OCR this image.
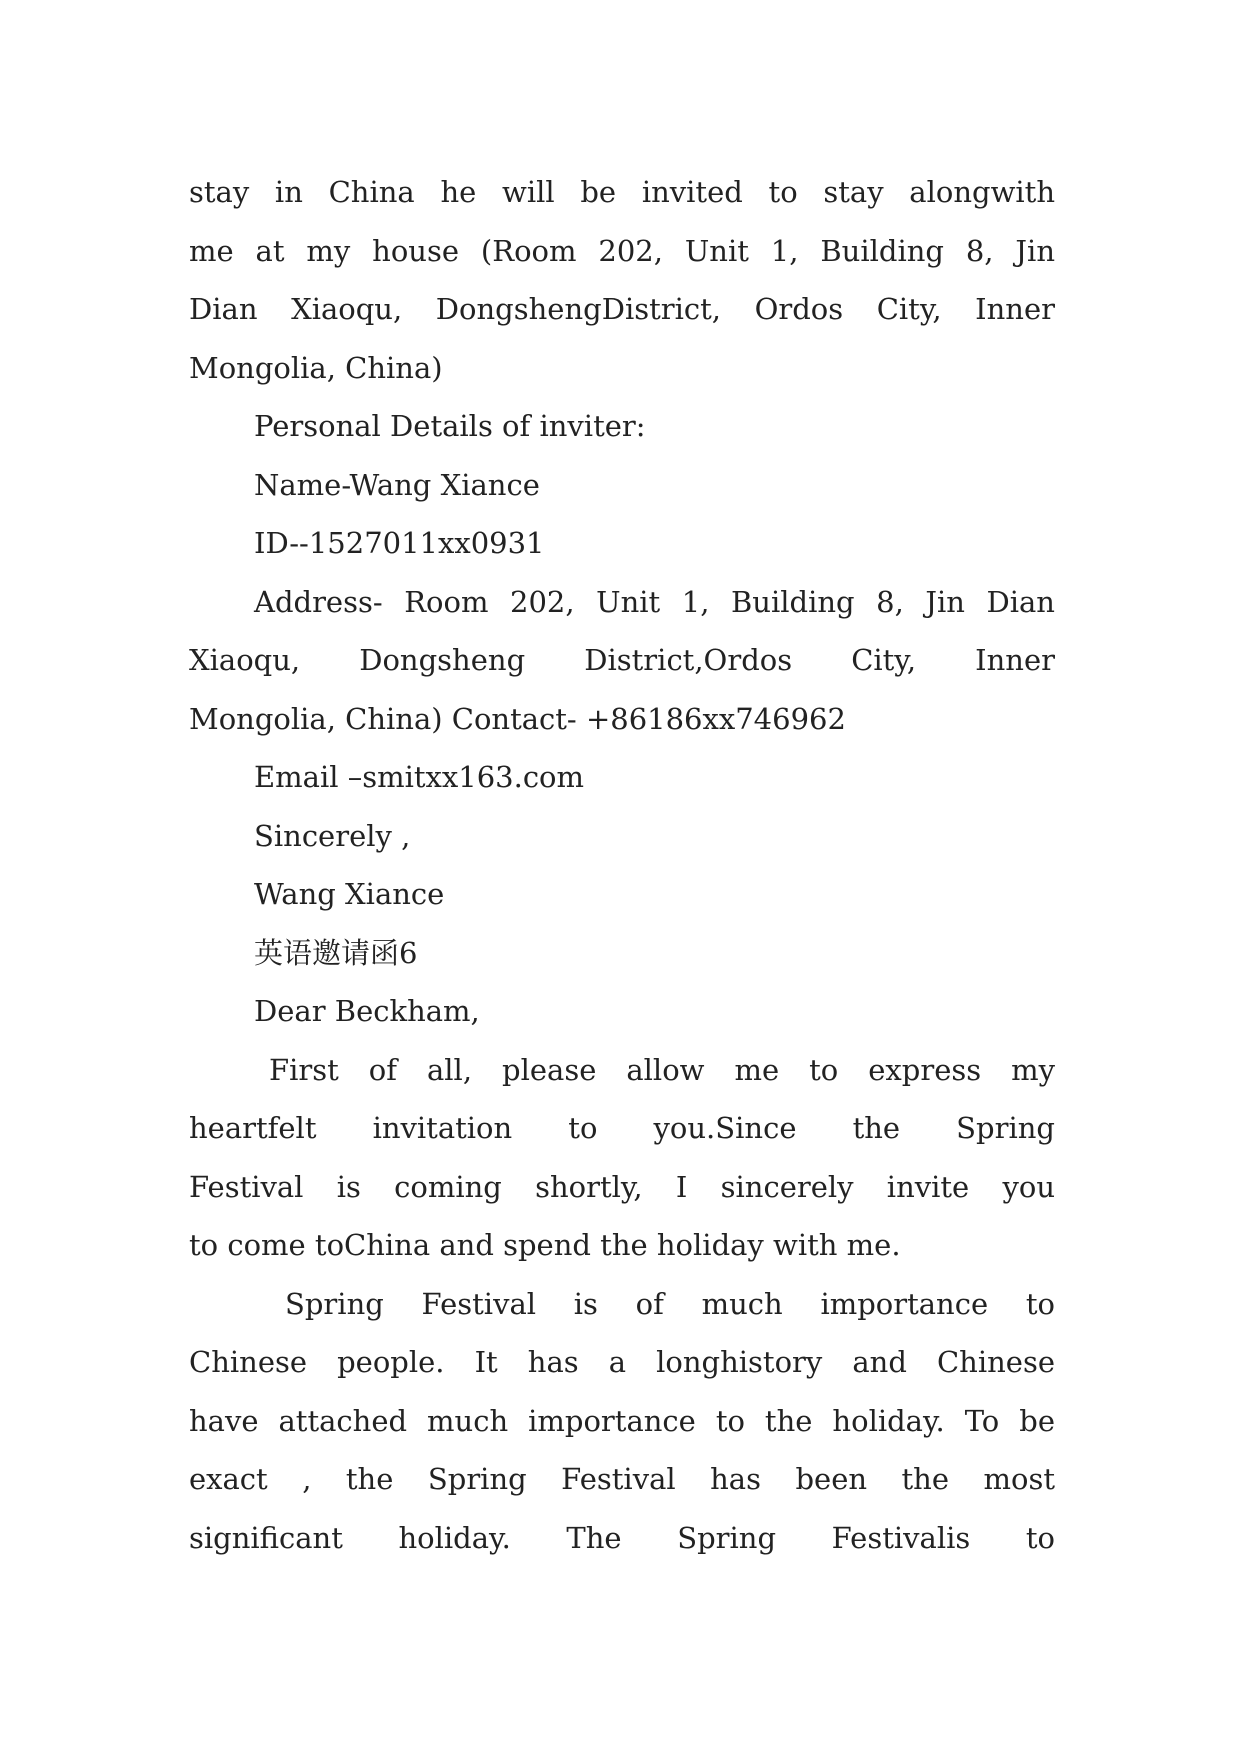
stay in China he will be invited to stay alongwith
me at my house (Room 202, Unit 1, Building 8, Jin
Dian Xiaoqu, DongshengDistrict, Ordos City, Inner
Mongolia, China)
Personal Details of inviter:
Name-Wang Xiance
ID--1527011xx0931
Address- Room 202, Unit 1, Building 8, Jin Dian
Xiaoqu, Dongsheng District,Ordos City, Inner
Mongolia, China) Contact- +86186xx746962
Email –smitxx163.com
Sincerely ,
Wang Xiance
英语邀请函6
Dear Beckham,
First of all, please allow me to express my
heartfelt invitation to you.Since the Spring
Festival is coming shortly, I sincerely invite you
to come toChina and spend the holiday with me.
Spring Festival is of much importance to
Chinese people. It has a longhistory and Chinese
have attached much importance to the holiday. To be
exact , the Spring Festival has been the most
significant holiday. The Spring Festivalis to
